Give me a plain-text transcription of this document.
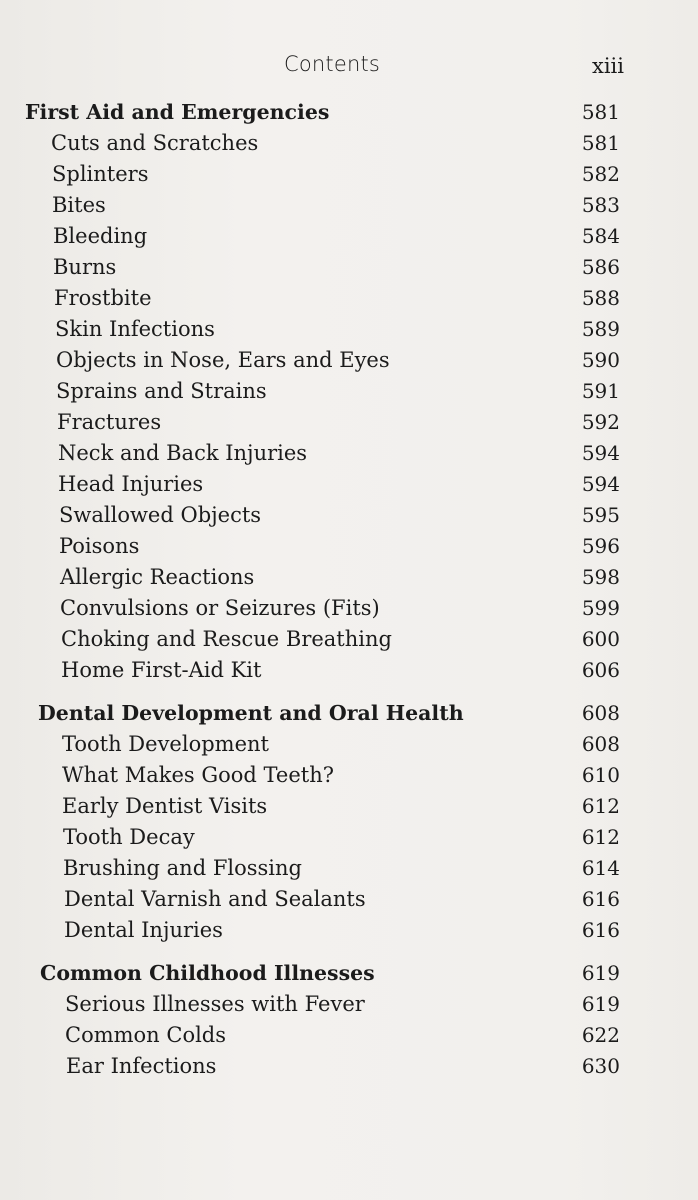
Contents	xiii
First Aid and Emergencies	581
Cuts and Scratches	581
Splinters	582
Bites	583
Bleeding	584
Burns	586
Frostbite	588
Skin Infections	589
Objects in Nose, Ears and Eyes	590
Sprains and Strains	591
Fractures	592
Neck and Back Injuries	594
Head Injuries	594
Swallowed Objects	595
Poisons	596
Allergic Reactions	598
Convulsions or Seizures (Fits)	599
Choking and Rescue Breathing	600
Home First-Aid Kit	606
Dental Development and Oral Health	608
Tooth Development	608
What Makes Good Teeth?	610
Early Dentist Visits	612
Tooth Decay	612
Brushing and Flossing	614
Dental Varnish and Sealants	616
Dental Injuries	616
Common Childhood Illnesses	619
Serious Illnesses with Fever	619
Common Colds	622
Ear Infections	630
